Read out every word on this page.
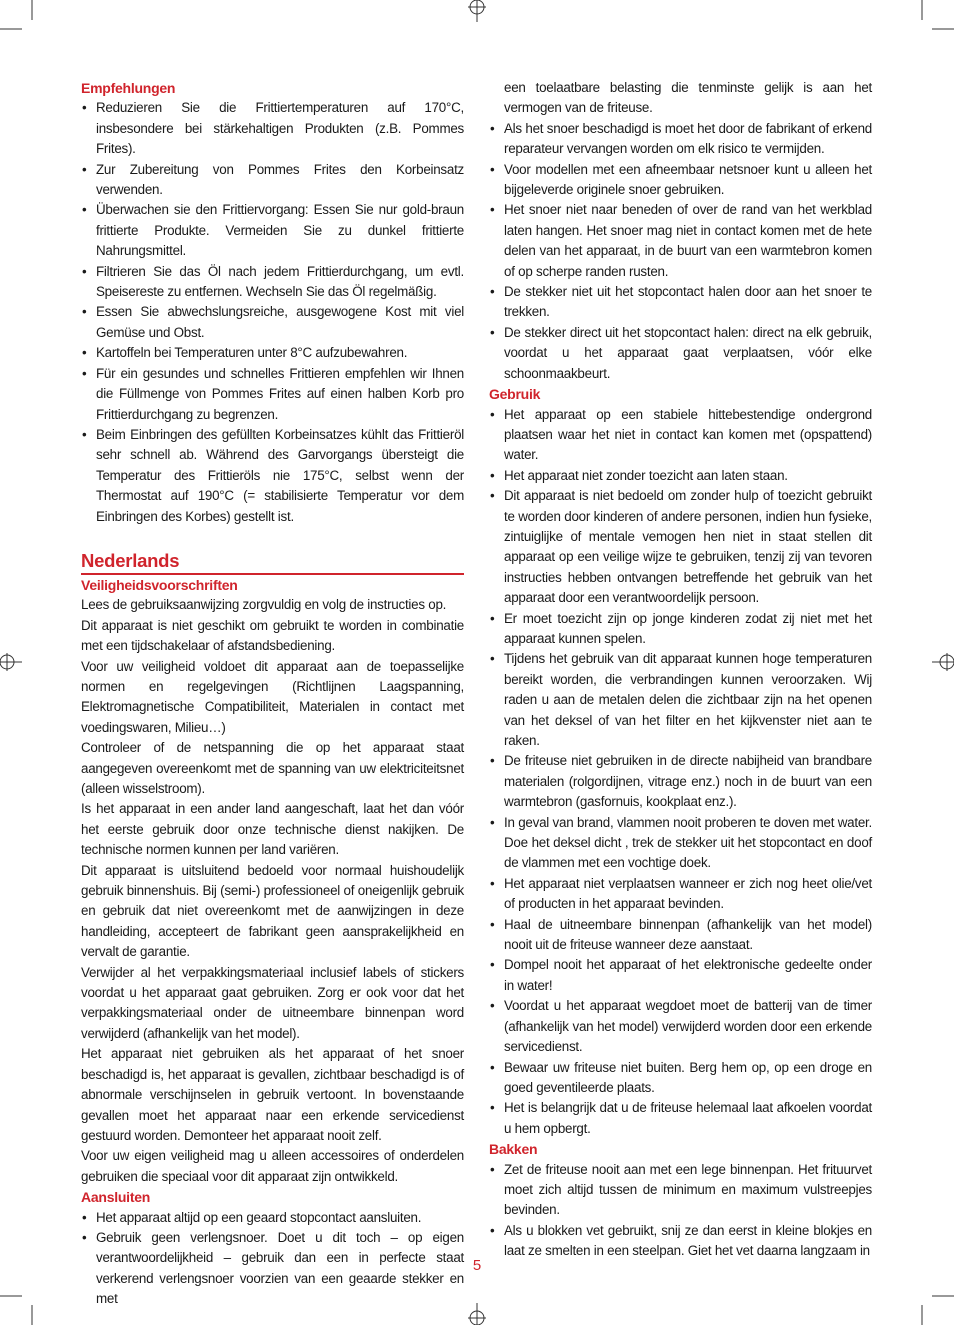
Empfehlungen
• Reduzieren Sie die Frittiertemperaturen auf 170°C, insbesondere bei stärkehaltigen Produkten (z.B. Pommes Frites).
• Zur Zubereitung von Pommes Frites den Korbeinsatz verwenden.
• Überwachen sie den Frittiervorgang: Essen Sie nur gold-braun frittierte Produkte. Vermeiden Sie zu dunkel frittierte Nahrungsmittel.
• Filtrieren Sie das Öl nach jedem Frittierdurchgang, um evtl. Speisereste zu entfernen. Wechseln Sie das Öl regelmäßig.
• Essen Sie abwechslungsreiche, ausgewogene Kost mit viel Gemüse und Obst.
• Kartoffeln bei Temperaturen unter 8°C aufzubewahren.
• Für ein gesundes und schnelles Frittieren empfehlen wir Ihnen die Füllmenge von Pommes Frites auf einen halben Korb pro Frittierdurchgang zu begrenzen.
• Beim Einbringen des gefüllten Korbeinsatzes kühlt das Frittieröl sehr schnell ab. Während des Garvorgangs übersteigt die Temperatur des Frittieröls nie 175°C, selbst wenn der Thermostat auf 190°C (= stabilisierte Temperatur vor dem Einbringen des Korbes) gestellt ist.
Nederlands
Veiligheidsvoorschriften
Lees de gebruiksaanwijzing zorgvuldig en volg de instructies op.
Dit apparaat is niet geschikt om gebruikt te worden in combinatie met een tijdschakelaar of afstandsbediening.
Voor uw veiligheid voldoet dit apparaat aan de toepasselijke normen en regelgevingen (Richtlijnen Laagspanning, Elektromagnetische Compatibiliteit, Materialen in contact met voedingswaren, Milieu…)
Controleer of de netspanning die op het apparaat staat aangegeven overeenkomt met de spanning van uw elektriciteitsnet (alleen wisselstroom).
Is het apparaat in een ander land aangeschaft, laat het dan vóór het eerste gebruik door onze technische dienst nakijken. De technische normen kunnen per land variëren.
Dit apparaat is uitsluitend bedoeld voor normaal huishoudelijk gebruik binnenshuis. Bij (semi-) professioneel of oneigenlijk gebruik en gebruik dat niet overeenkomt met de aanwijzingen in deze handleiding, accepteert de fabrikant geen aansprakelijkheid en vervalt de garantie.
Verwijder al het verpakkingsmateriaal inclusief labels of stickers voordat u het apparaat gaat gebruiken. Zorg er ook voor dat het verpakkingsmateriaal onder de uitneembare binnenpan word verwijderd (afhankelijk van het model).
Het apparaat niet gebruiken als het apparaat of het snoer beschadigd is, het apparaat is gevallen, zichtbaar beschadigd is of abnormale verschijnselen in gebruik vertoont. In bovenstaande gevallen moet het apparaat naar een erkende servicedienst gestuurd worden. Demonteer het apparaat nooit zelf.
Voor uw eigen veiligheid mag u alleen accessoires of onderdelen gebruiken die speciaal voor dit apparaat zijn ontwikkeld.
Aansluiten
• Het apparaat altijd op een geaard stopcontact aansluiten.
• Gebruik geen verlengsnoer. Doet u dit toch – op eigen verantwoordelijkheid – gebruik dan een in perfecte staat verkerend verlengsnoer voorzien van een geaarde stekker en met
een toelaatbare belasting die tenminste gelijk is aan het vermogen van de friteuse.
• Als het snoer beschadigd is moet het door de fabrikant of erkend reparateur vervangen worden om elk risico te vermijden.
• Voor modellen met een afneembaar netsnoer kunt u alleen het bijgeleverde originele snoer gebruiken.
• Het snoer niet naar beneden of over de rand van het werkblad laten hangen. Het snoer mag niet in contact komen met de hete delen van het apparaat, in de buurt van een warmtebron komen of op scherpe randen rusten.
• De stekker niet uit het stopcontact halen door aan het snoer te trekken.
• De stekker direct uit het stopcontact halen: direct na elk gebruik, voordat u het apparaat gaat verplaatsen, vóór elke schoonmaakbeurt.
Gebruik
• Het apparaat op een stabiele hittebestendige ondergrond plaatsen waar het niet in contact kan komen met (opspattend) water.
• Het apparaat niet zonder toezicht aan laten staan.
• Dit apparaat is niet bedoeld om zonder hulp of toezicht gebruikt te worden door kinderen of andere personen, indien hun fysieke, zintuiglijke of mentale vemogen hen niet in staat stellen dit apparaat op een veilige wijze te gebruiken, tenzij zij van tevoren instructies hebben ontvangen betreffende het gebruik van het apparaat door een verantwoordelijk persoon.
• Er moet toezicht zijn op jonge kinderen zodat zij niet met het apparaat kunnen spelen.
• Tijdens het gebruik van dit apparaat kunnen hoge temperaturen bereikt worden, die verbrandingen kunnen veroorzaken. Wij raden u aan de metalen delen die zichtbaar zijn na het openen van het deksel of van het filter en het kijkvenster niet aan te raken.
• De friteuse niet gebruiken in de directe nabijheid van brandbare materialen (rolgordijnen, vitrage enz.) noch in de buurt van een warmtebron (gasfornuis, kookplaat enz.).
• In geval van brand, vlammen nooit proberen te doven met water. Doe het deksel dicht , trek de stekker uit het stopcontact en doof de vlammen met een vochtige doek.
• Het apparaat niet verplaatsen wanneer er zich nog heet olie/vet of producten in het apparaat bevinden.
• Haal de uitneembare binnenpan (afhankelijk van het model) nooit uit de friteuse wanneer deze aanstaat.
• Dompel nooit het apparaat of het elektronische gedeelte onder in water!
• Voordat u het apparaat wegdoet moet de batterij van de timer (afhankelijk van het model) verwijderd worden door een erkende servicedienst.
• Bewaar uw friteuse niet buiten. Berg hem op, op een droge en goed geventileerde plaats.
• Het is belangrijk dat u de friteuse helemaal laat afkoelen voordat u hem opbergt.
Bakken
• Zet de friteuse nooit aan met een lege binnenpan. Het frituurvet moet zich altijd tussen de minimum en maximum vulstreepjes bevinden.
• Als u blokken vet gebruikt, snij ze dan eerst in kleine blokjes en laat ze smelten in een steelpan. Giet het vet daarna langzaam in
5
